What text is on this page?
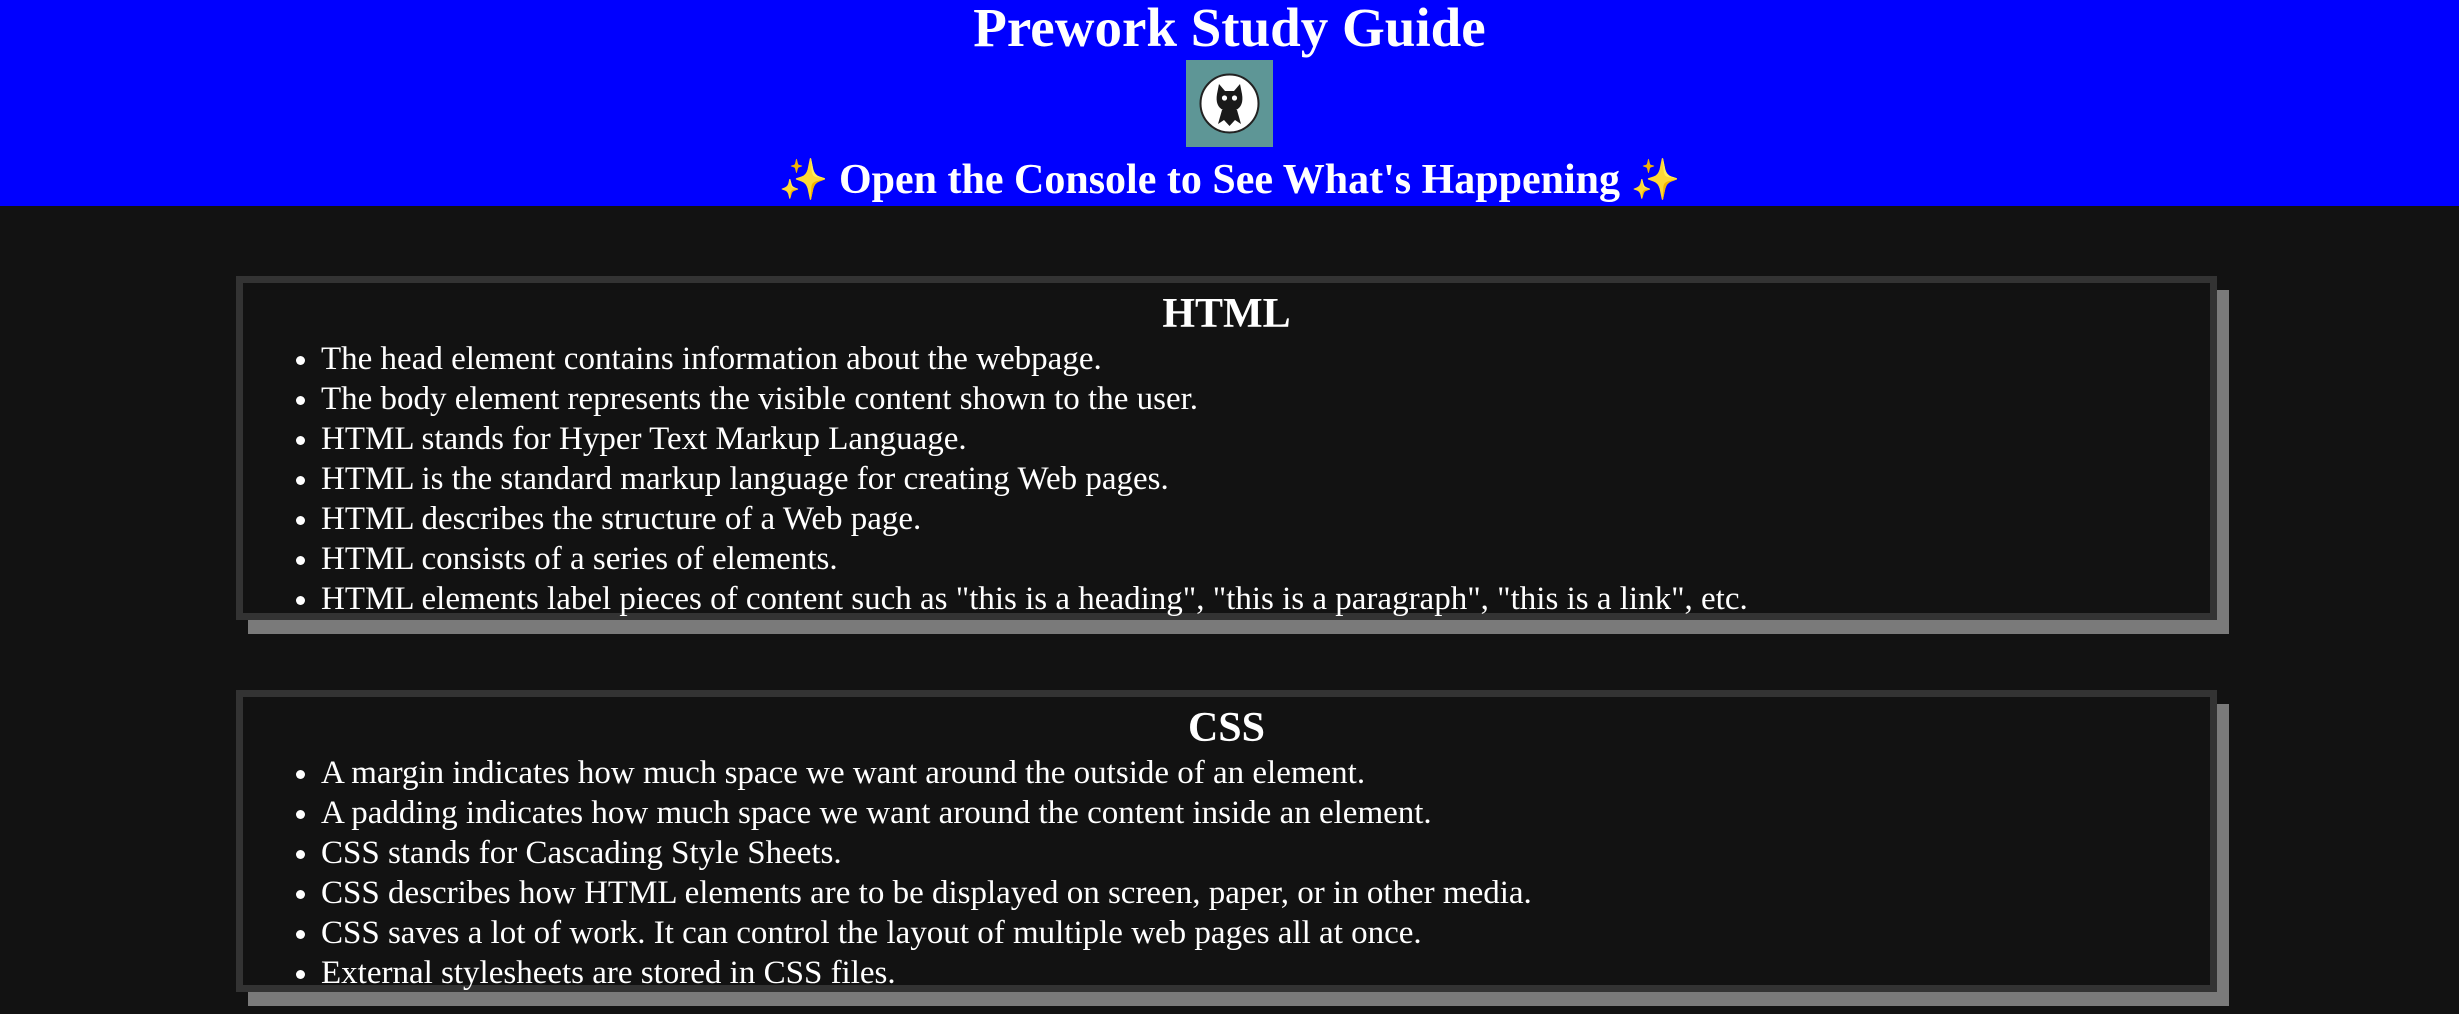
Prework Study Guide
✨ Open the Console to See What's Happening ✨
HTML
• The head element contains information about the webpage.
• The body element represents the visible content shown to the user.
• HTML stands for Hyper Text Markup Language.
• HTML is the standard markup language for creating Web pages.
• HTML describes the structure of a Web page.
• HTML consists of a series of elements.
• HTML elements label pieces of content such as "this is a heading", "this is a paragraph", "this is a link", etc.
CSS
• A margin indicates how much space we want around the outside of an element.
• A padding indicates how much space we want around the content inside an element.
• CSS stands for Cascading Style Sheets.
• CSS describes how HTML elements are to be displayed on screen, paper, or in other media.
• CSS saves a lot of work. It can control the layout of multiple web pages all at once.
• External stylesheets are stored in CSS files.
